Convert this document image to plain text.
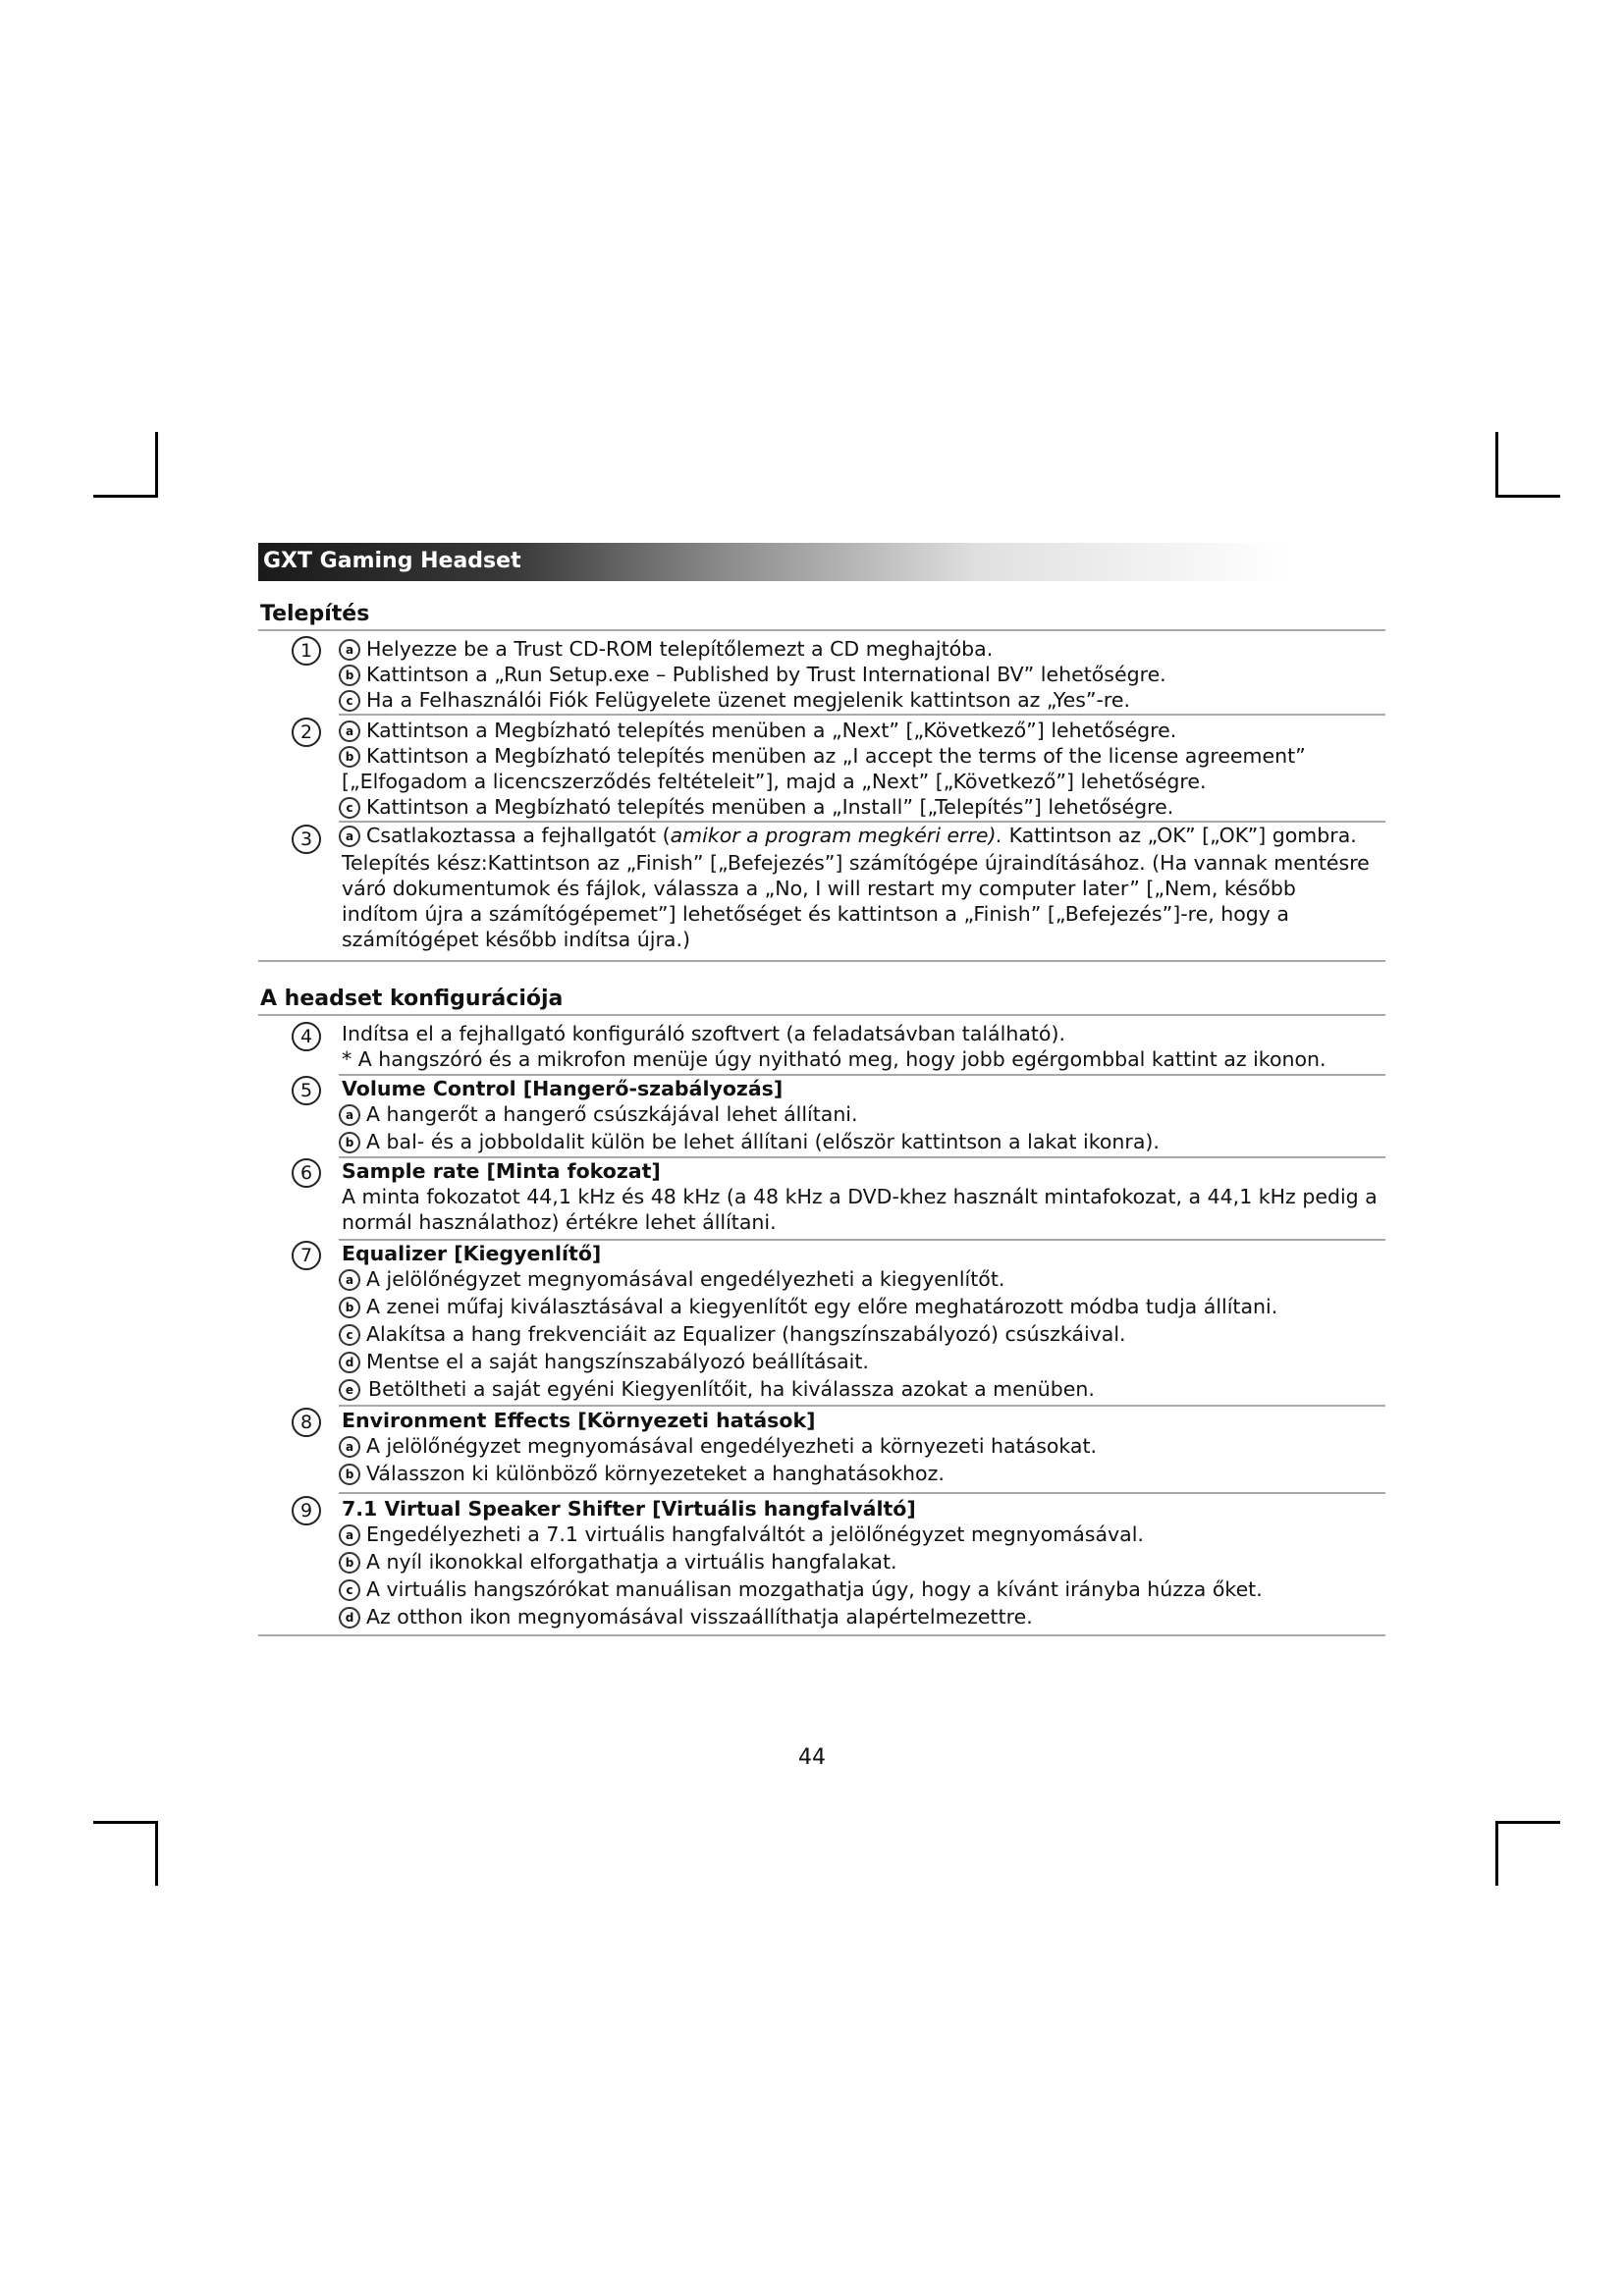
GXT Gaming Headset
Telepítés
1	a Helyezze be a Trust CD-ROM telepítőlemezt a CD meghajtóba.
b Kattintson a „Run Setup.exe – Published by Trust International BV” lehetőségre.
c Ha a Felhasználói Fiók Felügyelete üzenet megjelenik kattintson az „Yes”-re.
2	a Kattintson a Megbízható telepítés menüben a „Next” [„Következő”] lehetőségre.
b Kattintson a Megbízható telepítés menüben az „I accept the terms of the license agreement”
[„Elfogadom a licencszerződés feltételeit”], majd a „Next” [„Következő”] lehetőségre.
c Kattintson a Megbízható telepítés menüben a „Install” [„Telepítés”] lehetőségre.
3	a Csatlakoztassa a fejhallgatót (amikor a program megkéri erre). Kattintson az „OK” [„OK”] gombra.
Telepítés kész:Kattintson az „Finish” [„Befejezés”] számítógépe újraindításához. (Ha vannak mentésre
váró dokumentumok és fájlok, válassza a „No, I will restart my computer later” [„Nem, később
indítom újra a számítógépemet”] lehetőséget és kattintson a „Finish” [„Befejezés”]-re, hogy a
számítógépet később indítsa újra.)
A headset konfigurációja
4	Indítsa el a fejhallgató konfiguráló szoftvert (a feladatsávban található).
* A hangszóró és a mikrofon menüje úgy nyitható meg, hogy jobb egérgombbal kattint az ikonon.
5	Volume Control [Hangerő-szabályozás]
a A hangerőt a hangerő csúszkájával lehet állítani.
b A bal- és a jobboldalit külön be lehet állítani (először kattintson a lakat ikonra).
6	Sample rate [Minta fokozat]
A minta fokozatot 44,1 kHz és 48 kHz (a 48 kHz a DVD-khez használt mintafokozat, a 44,1 kHz pedig a
normál használathoz) értékre lehet állítani.
7	Equalizer [Kiegyenlítő]
a A jelölőnégyzet megnyomásával engedélyezheti a kiegyenlítőt.
b A zenei műfaj kiválasztásával a kiegyenlítőt egy előre meghatározott módba tudja állítani.
c Alakítsa a hang frekvenciáit az Equalizer (hangszínszabályozó) csúszkáival.
d Mentse el a saját hangszínszabályozó beállításait.
e Betöltheti a saját egyéni Kiegyenlítőit, ha kiválassza azokat a menüben.
8	Environment Effects [Környezeti hatások]
a A jelölőnégyzet megnyomásával engedélyezheti a környezeti hatásokat.
b Válasszon ki különböző környezeteket a hanghatásokhoz.
9	7.1 Virtual Speaker Shifter [Virtuális hangfalváltó]
a Engedélyezheti a 7.1 virtuális hangfalváltót a jelölőnégyzet megnyomásával.
b A nyíl ikonokkal elforgathatja a virtuális hangfalakat.
c A virtuális hangszórókat manuálisan mozgathatja úgy, hogy a kívánt irányba húzza őket.
d Az otthon ikon megnyomásával visszaállíthatja alapértelmezettre.
44
